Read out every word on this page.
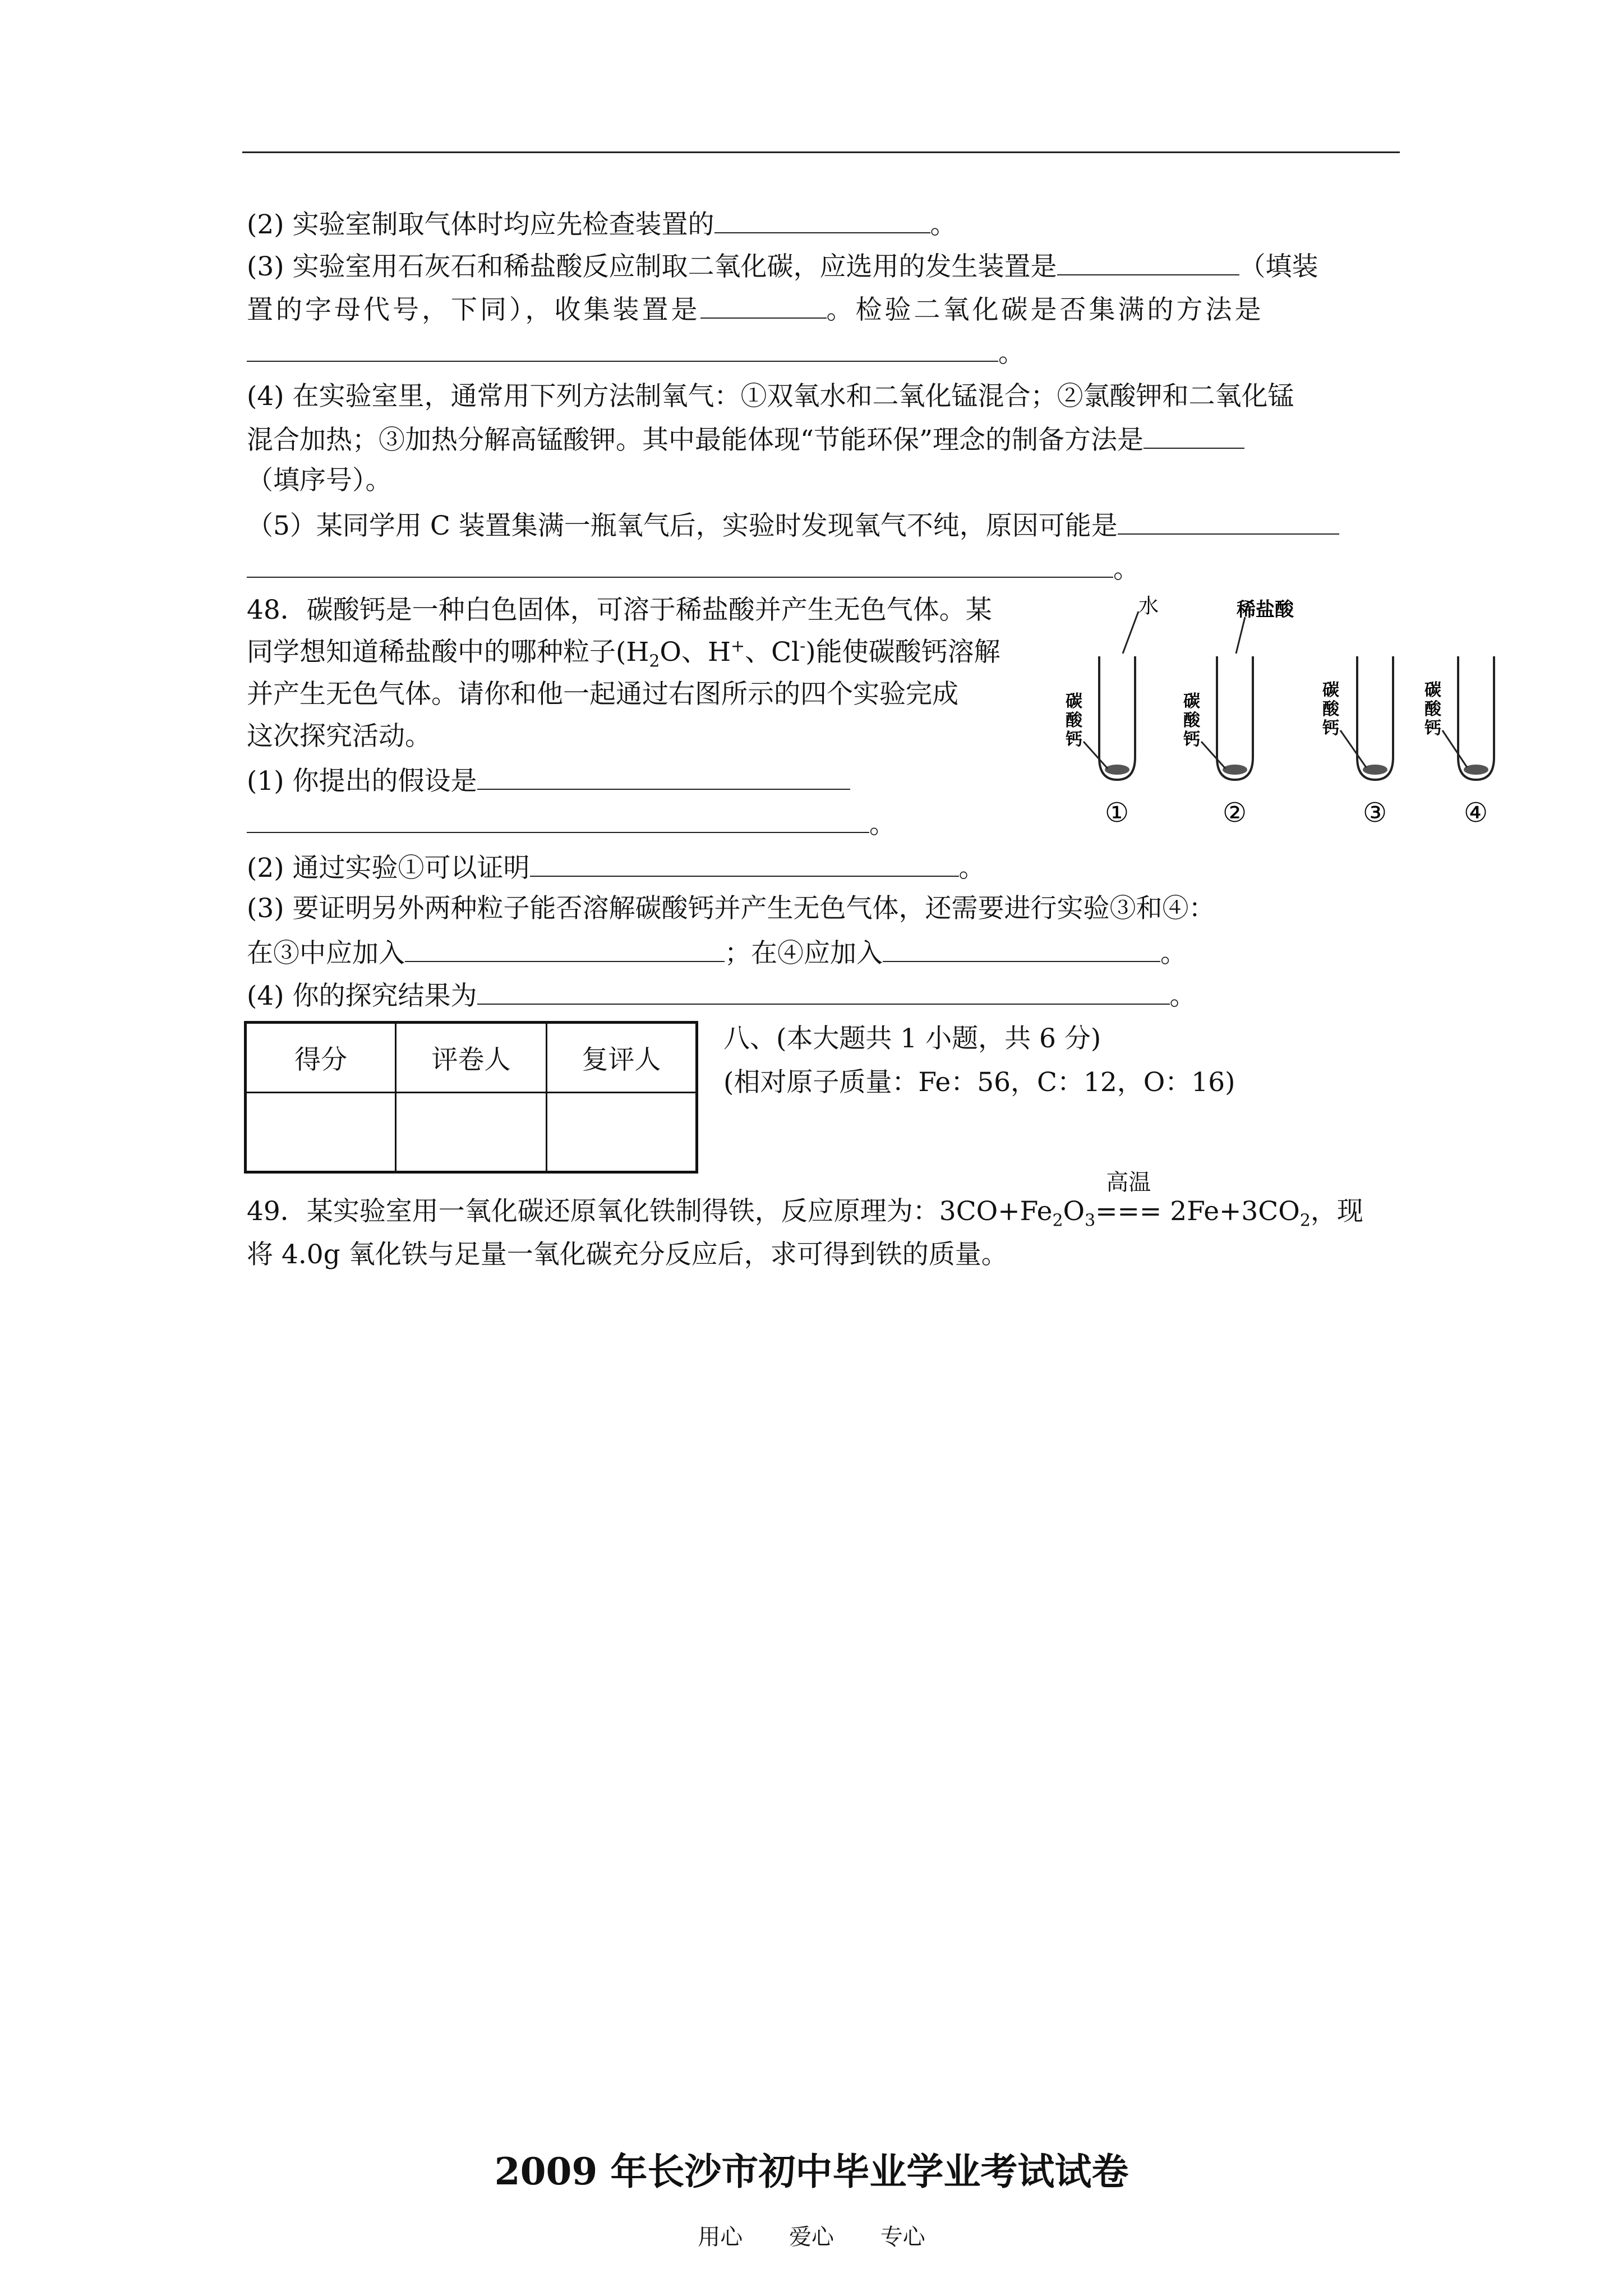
(2) 实验室制取气体时均应先检查装置的	。
(3) 实验室用石灰石和稀盐酸反应制取二氧化碳，应选用的发生装置是	（填装
置的字母代号，下同），收集装置是	。检验二氧化碳是否集满的方法是
。
(4) 在实验室里，通常用下列方法制氧气：①双氧水和二氧化锰混合；②氯酸钾和二氧化锰
混合加热；③加热分解高锰酸钾。其中最能体现“节能环保”理念的制备方法是
（填序号）。
（5）某同学用 C 装置集满一瓶氧气后，实验时发现氧气不纯，原因可能是
。
48．碳酸钙是一种白色固体，可溶于稀盐酸并产生无色气体。某
同学想知道稀盐酸中的哪种粒子($H_2O$、H+、Cl-)能使碳酸钙溶解
并产生无色气体。请你和他一起通过右图所示的四个实验完成
这次探究活动。
(1) 你提出的假设是
。
(2) 通过实验①可以证明	。
(3) 要证明另外两种粒子能否溶解碳酸钙并产生无色气体，还需要进行实验③和④：
在③中应加入	；在④应加入	。
(4) 你的探究结果为	。
水	稀盐酸
碳
酸
钙
碳
酸
钙
碳
酸
钙
碳
酸
钙
①	②	③	④
得分	评卷人	复评人

八、(本大题共 1 小题，共 6 分)
(相对原子质量：Fe：56，C：12，O：16)
49．某实验室用一氧化碳还原氧化铁制得铁，反应原理为：$3CO+Fe_2O_3$
高温
=== $2Fe+3CO_2$，现
将 4.0g 氧化铁与足量一氧化碳充分反应后，求可得到铁的质量。
2009 年长沙市初中毕业学业考试试卷
用心 爱心 专心
